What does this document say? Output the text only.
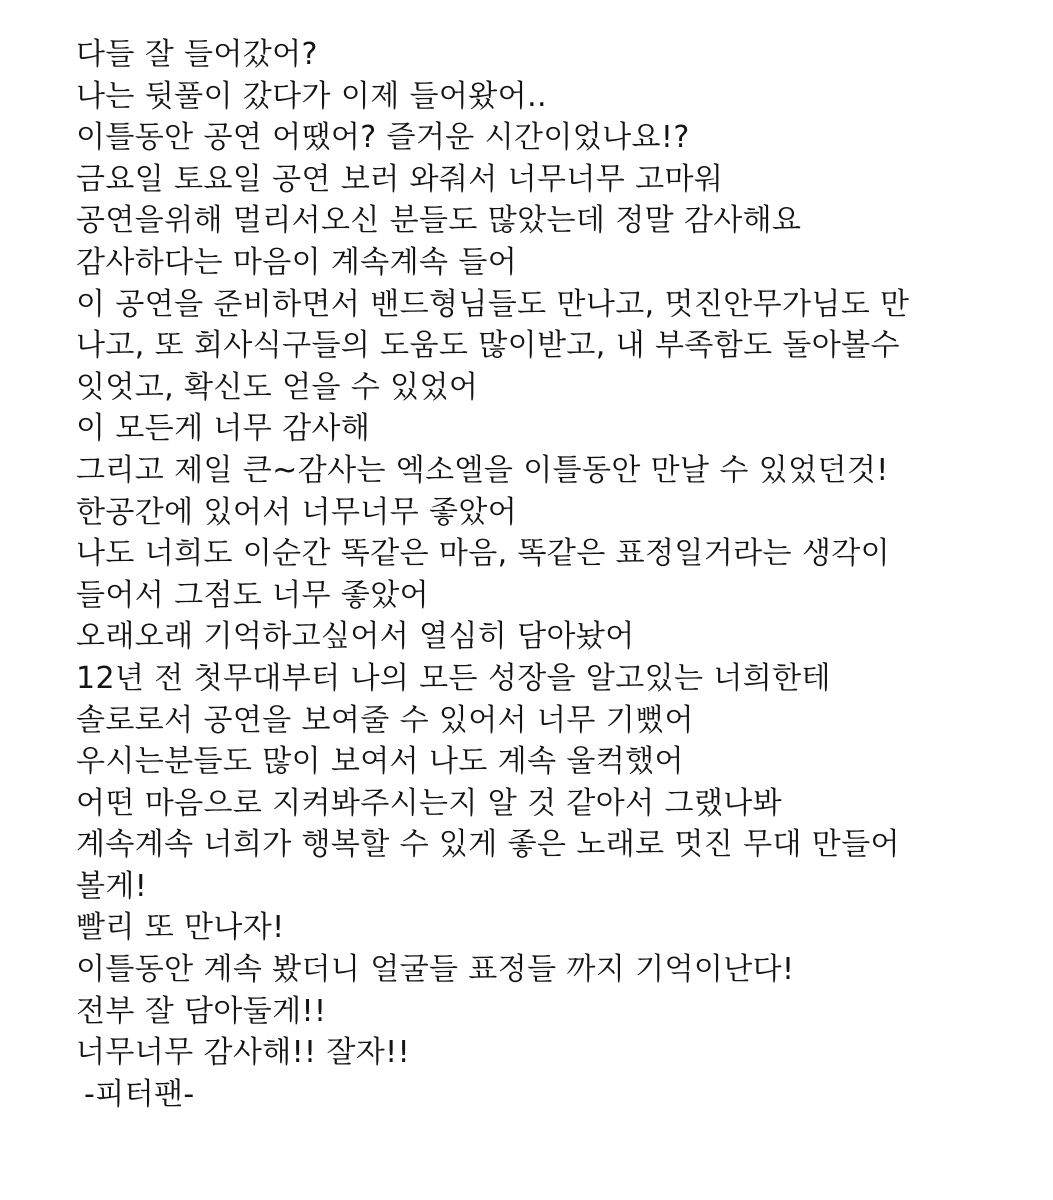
다들 잘 들어갔어?
나는 뒷풀이 갔다가 이제 들어왔어..
이틀동안 공연 어땠어? 즐거운 시간이었나요!?
금요일 토요일 공연 보러 와줘서 너무너무 고마워
공연을위해 멀리서오신 분들도 많았는데 정말 감사해요
감사하다는 마음이 계속계속 들어
이 공연을 준비하면서 밴드형님들도 만나고, 멋진안무가님도 만
나고, 또 회사식구들의 도움도 많이받고, 내 부족함도 돌아볼수
잇엇고, 확신도 얻을 수 있었어
이 모든게 너무 감사해
그리고 제일 큰~감사는 엑소엘을 이틀동안 만날 수 있었던것!
한공간에 있어서 너무너무 좋았어
나도 너희도 이순간 똑같은 마음, 똑같은 표정일거라는 생각이
들어서 그점도 너무 좋았어
오래오래 기억하고싶어서 열심히 담아놨어
12년 전 첫무대부터 나의 모든 성장을 알고있는 너희한테
솔로로서 공연을 보여줄 수 있어서 너무 기뻤어
우시는분들도 많이 보여서 나도 계속 울컥했어
어떤 마음으로 지켜봐주시는지 알 것 같아서 그랬나봐
계속계속 너희가 행복할 수 있게 좋은 노래로 멋진 무대 만들어
볼게!
빨리 또 만나자!
이틀동안 계속 봤더니 얼굴들 표정들 까지 기억이난다!
전부 잘 담아둘게!!
너무너무 감사해!! 잘자!!
-피터팬-
